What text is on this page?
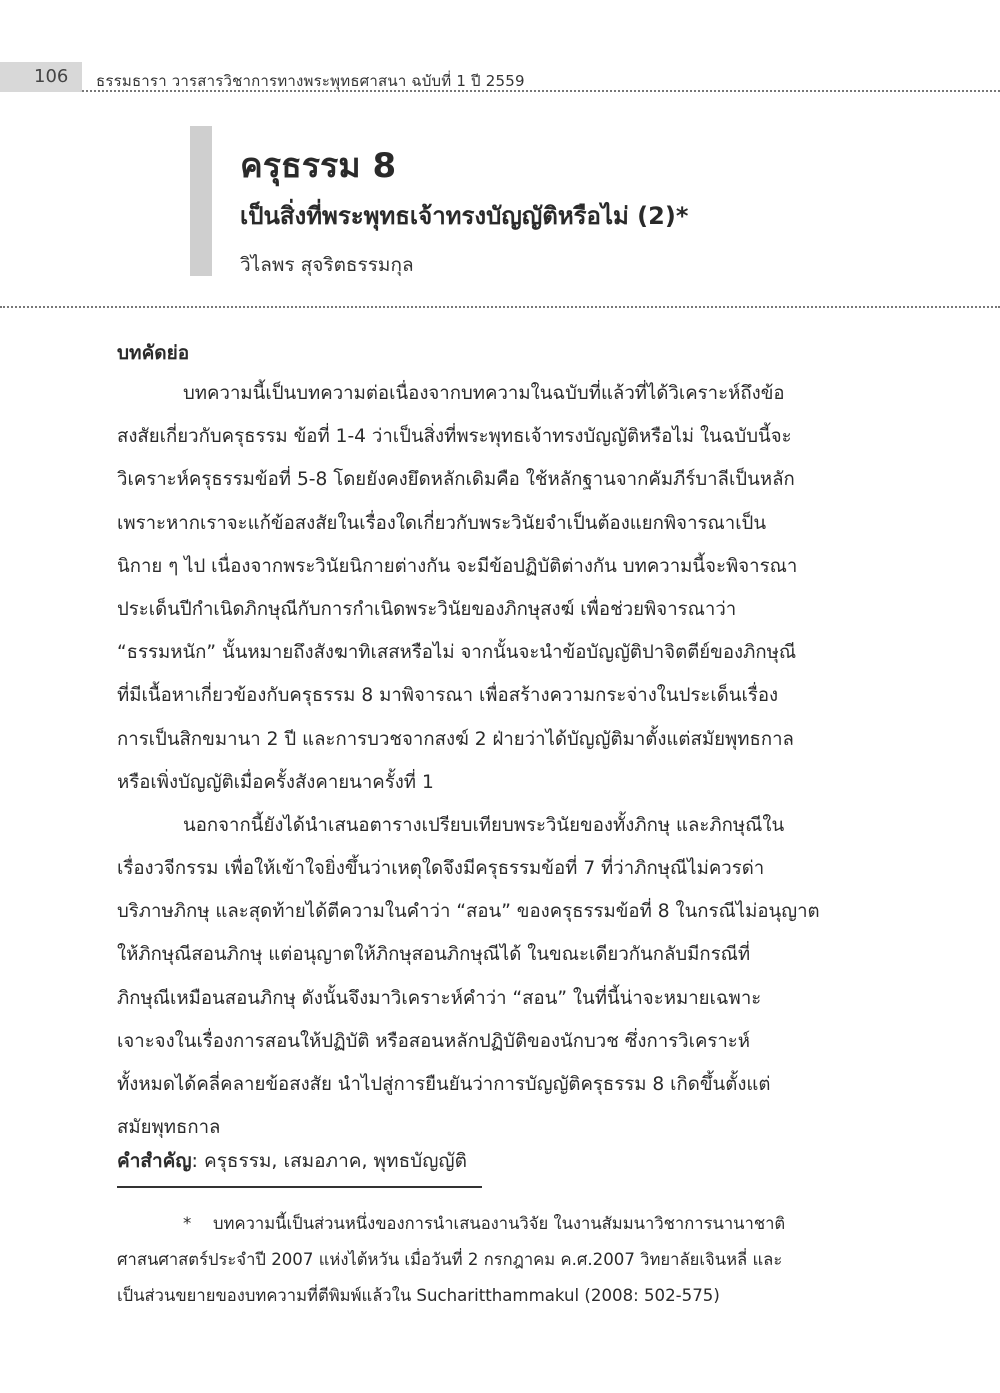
106 ธรรมธารา วารสารวิชาการทางพระพุทธศาสนา ฉบับที่ 1 ปี 2559
ครุธรรม 8
เป็นสิ่งที่พระพุทธเจ้าทรงบัญญัติหรือไม่ (2)*
วิไลพร สุจริตธรรมกุล
บทคัดย่อ
บทความนี้เป็นบทความต่อเนื่องจากบทความในฉบับที่แล้วที่ได้วิเคราะห์ถึงข้อ
สงสัยเกี่ยวกับครุธรรม ข้อที่ 1-4 ว่าเป็นสิ่งที่พระพุทธเจ้าทรงบัญญัติหรือไม่ ในฉบับนี้จะ
วิเคราะห์ครุธรรมข้อที่ 5-8 โดยยังคงยึดหลักเดิมคือ ใช้หลักฐานจากคัมภีร์บาลีเป็นหลัก
เพราะหากเราจะแก้ข้อสงสัยในเรื่องใดเกี่ยวกับพระวินัยจำเป็นต้องแยกพิจารณาเป็น
นิกาย ๆ ไป เนื่องจากพระวินัยนิกายต่างกัน จะมีข้อปฏิบัติต่างกัน บทความนี้จะพิจารณา
ประเด็นปีกำเนิดภิกษุณีกับการกำเนิดพระวินัยของภิกษุสงฆ์ เพื่อช่วยพิจารณาว่า
“ธรรมหนัก” นั้นหมายถึงสังฆาทิเสสหรือไม่ จากนั้นจะนำข้อบัญญัติปาจิตตีย์ของภิกษุณี
ที่มีเนื้อหาเกี่ยวข้องกับครุธรรม 8 มาพิจารณา เพื่อสร้างความกระจ่างในประเด็นเรื่อง
การเป็นสิกขมานา 2 ปี และการบวชจากสงฆ์ 2 ฝ่ายว่าได้บัญญัติมาตั้งแต่สมัยพุทธกาล
หรือเพิ่งบัญญัติเมื่อครั้งสังคายนาครั้งที่ 1
นอกจากนี้ยังได้นำเสนอตารางเปรียบเทียบพระวินัยของทั้งภิกษุ และภิกษุณีใน
เรื่องวจีกรรม เพื่อให้เข้าใจยิ่งขึ้นว่าเหตุใดจึงมีครุธรรมข้อที่ 7 ที่ว่าภิกษุณีไม่ควรด่า
บริภาษภิกษุ และสุดท้ายได้ตีความในคำว่า “สอน” ของครุธรรมข้อที่ 8 ในกรณีไม่อนุญาต
ให้ภิกษุณีสอนภิกษุ แต่อนุญาตให้ภิกษุสอนภิกษุณีได้ ในขณะเดียวกันกลับมีกรณีที่
ภิกษุณีเหมือนสอนภิกษุ ดังนั้นจึงมาวิเคราะห์คำว่า “สอน” ในที่นี้น่าจะหมายเฉพาะ
เจาะจงในเรื่องการสอนให้ปฏิบัติ หรือสอนหลักปฏิบัติของนักบวช ซึ่งการวิเคราะห์
ทั้งหมดได้คลี่คลายข้อสงสัย นำไปสู่การยืนยันว่าการบัญญัติครุธรรม 8 เกิดขึ้นตั้งแต่
สมัยพุทธกาล
คำสำคัญ: ครุธรรม, เสมอภาค, พุทธบัญญัติ
* บทความนี้เป็นส่วนหนึ่งของการนำเสนองานวิจัย ในงานสัมมนาวิชาการนานาชาติ
ศาสนศาสตร์ประจำปี 2007 แห่งไต้หวัน เมื่อวันที่ 2 กรกฎาคม ค.ศ.2007 วิทยาลัยเจินหลี่ และ
เป็นส่วนขยายของบทความที่ตีพิมพ์แล้วใน Sucharitthammakul (2008: 502-575)
